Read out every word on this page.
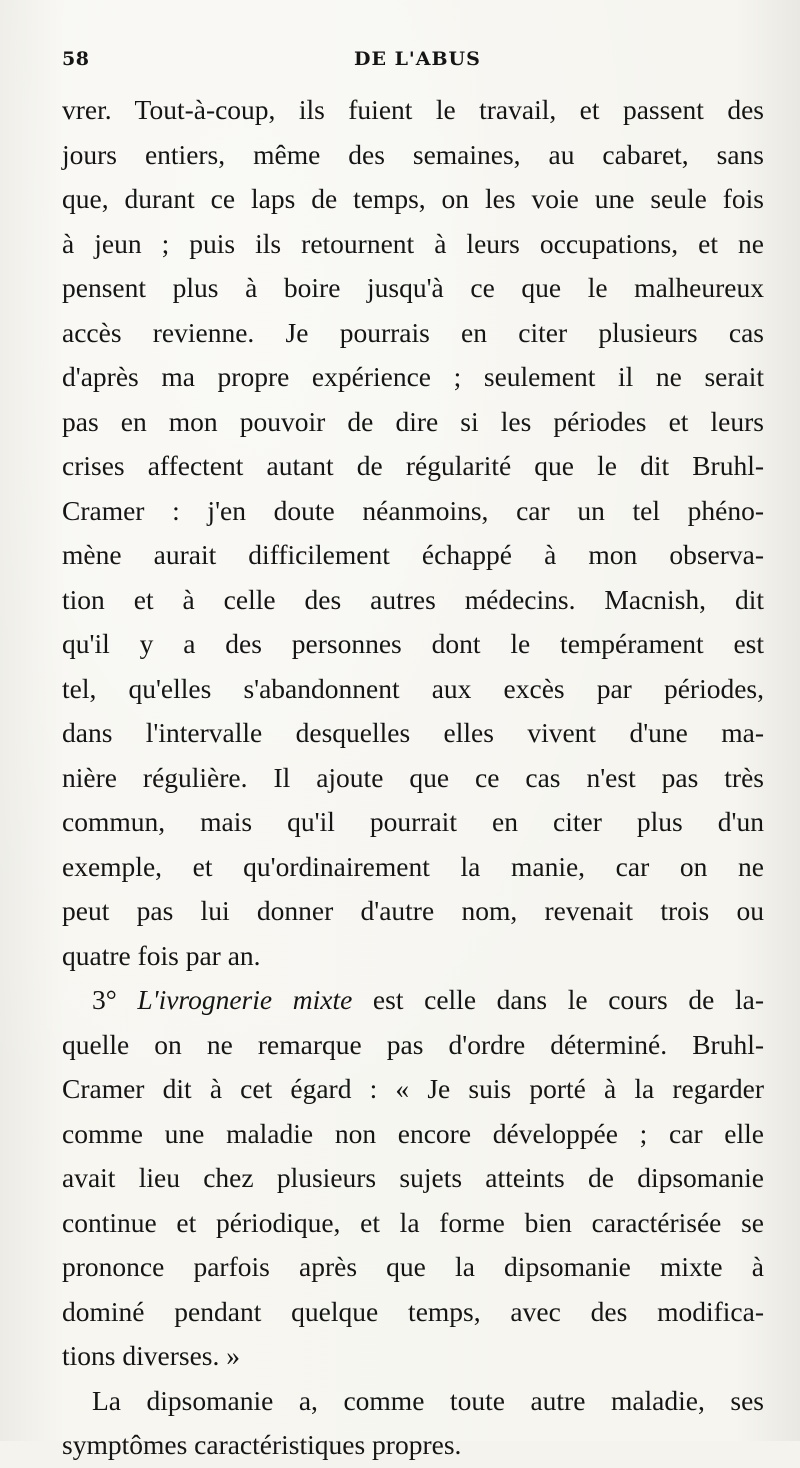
58	DE L'ABUS
vrer. Tout-à-coup, ils fuient le travail, et passent des
jours entiers, même des semaines, au cabaret, sans
que, durant ce laps de temps, on les voie une seule fois
à jeun ; puis ils retournent à leurs occupations, et ne
pensent plus à boire jusqu'à ce que le malheureux
accès revienne. Je pourrais en citer plusieurs cas
d'après ma propre expérience ; seulement il ne serait
pas en mon pouvoir de dire si les périodes et leurs
crises affectent autant de régularité que le dit Bruhl-
Cramer : j'en doute néanmoins, car un tel phéno-
mène aurait difficilement échappé à mon observa-
tion et à celle des autres médecins. Macnish, dit
qu'il y a des personnes dont le tempérament est
tel, qu'elles s'abandonnent aux excès par périodes,
dans l'intervalle desquelles elles vivent d'une ma-
nière régulière. Il ajoute que ce cas n'est pas très
commun, mais qu'il pourrait en citer plus d'un
exemple, et qu'ordinairement la manie, car on ne
peut pas lui donner d'autre nom, revenait trois ou
quatre fois par an.
3° L'ivrognerie mixte est celle dans le cours de la-
quelle on ne remarque pas d'ordre déterminé. Bruhl-
Cramer dit à cet égard : « Je suis porté à la regarder
comme une maladie non encore développée ; car elle
avait lieu chez plusieurs sujets atteints de dipsomanie
continue et périodique, et la forme bien caractérisée se
prononce parfois après que la dipsomanie mixte à
dominé pendant quelque temps, avec des modifica-
tions diverses. »
La dipsomanie a, comme toute autre maladie, ses
symptômes caractéristiques propres.
